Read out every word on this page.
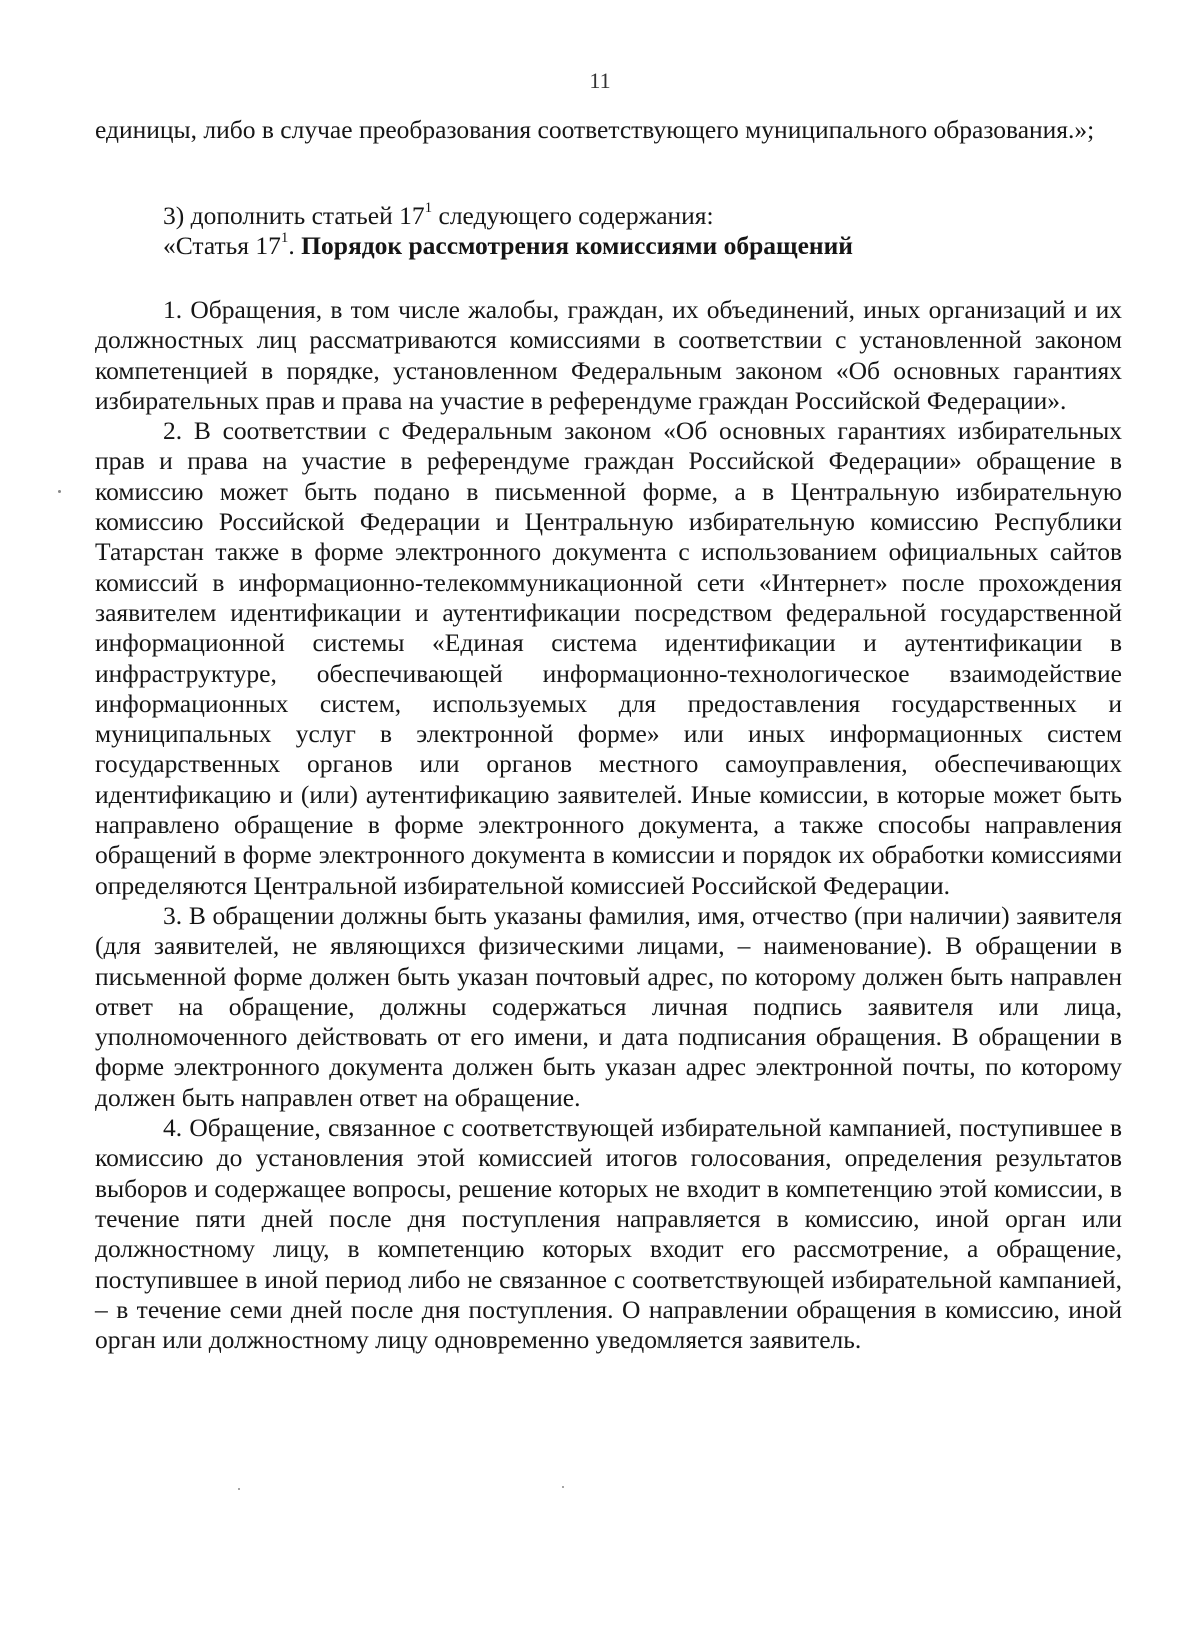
11

единицы, либо в случае преобразования соответствующего муниципального образования.»;

3) дополнить статьей $17^1$ следующего содержания:

«Статья $17^1$. Порядок рассмотрения комиссиями обращений

1. Обращения, в том числе жалобы, граждан, их объединений, иных организаций и их должностных лиц рассматриваются комиссиями в соответствии с установленной законом компетенцией в порядке, установленном Федеральным законом «Об основных гарантиях избирательных прав и права на участие в референдуме граждан Российской Федерации».

2. В соответствии с Федеральным законом «Об основных гарантиях избирательных прав и права на участие в референдуме граждан Российской Федерации» обращение в комиссию может быть подано в письменной форме, а в Центральную избирательную комиссию Российской Федерации и Центральную избирательную комиссию Республики Татарстан также в форме электронного документа с использованием официальных сайтов комиссий в информационно-телекоммуникационной сети «Интернет» после прохождения заявителем идентификации и аутентификации посредством федеральной государственной информационной системы «Единая система идентификации и аутентификации в инфраструктуре, обеспечивающей информационно-технологическое взаимодействие информационных систем, используемых для предоставления государственных и муниципальных услуг в электронной форме» или иных информационных систем государственных органов или органов местного самоуправления, обеспечивающих идентификацию и (или) аутентификацию заявителей. Иные комиссии, в которые может быть направлено обращение в форме электронного документа, а также способы направления обращений в форме электронного документа в комиссии и порядок их обработки комиссиями определяются Центральной избирательной комиссией Российской Федерации.

3. В обращении должны быть указаны фамилия, имя, отчество (при наличии) заявителя (для заявителей, не являющихся физическими лицами, – наименование). В обращении в письменной форме должен быть указан почтовый адрес, по которому должен быть направлен ответ на обращение, должны содержаться личная подпись заявителя или лица, уполномоченного действовать от его имени, и дата подписания обращения. В обращении в форме электронного документа должен быть указан адрес электронной почты, по которому должен быть направлен ответ на обращение.

4. Обращение, связанное с соответствующей избирательной кампанией, поступившее в комиссию до установления этой комиссией итогов голосования, определения результатов выборов и содержащее вопросы, решение которых не входит в компетенцию этой комиссии, в течение пяти дней после дня поступления направляется в комиссию, иной орган или должностному лицу, в компетенцию которых входит его рассмотрение, а обращение, поступившее в иной период либо не связанное с соответствующей избирательной кампанией, – в течение семи дней после дня поступления. О направлении обращения в комиссию, иной орган или должностному лицу одновременно уведомляется заявитель.
